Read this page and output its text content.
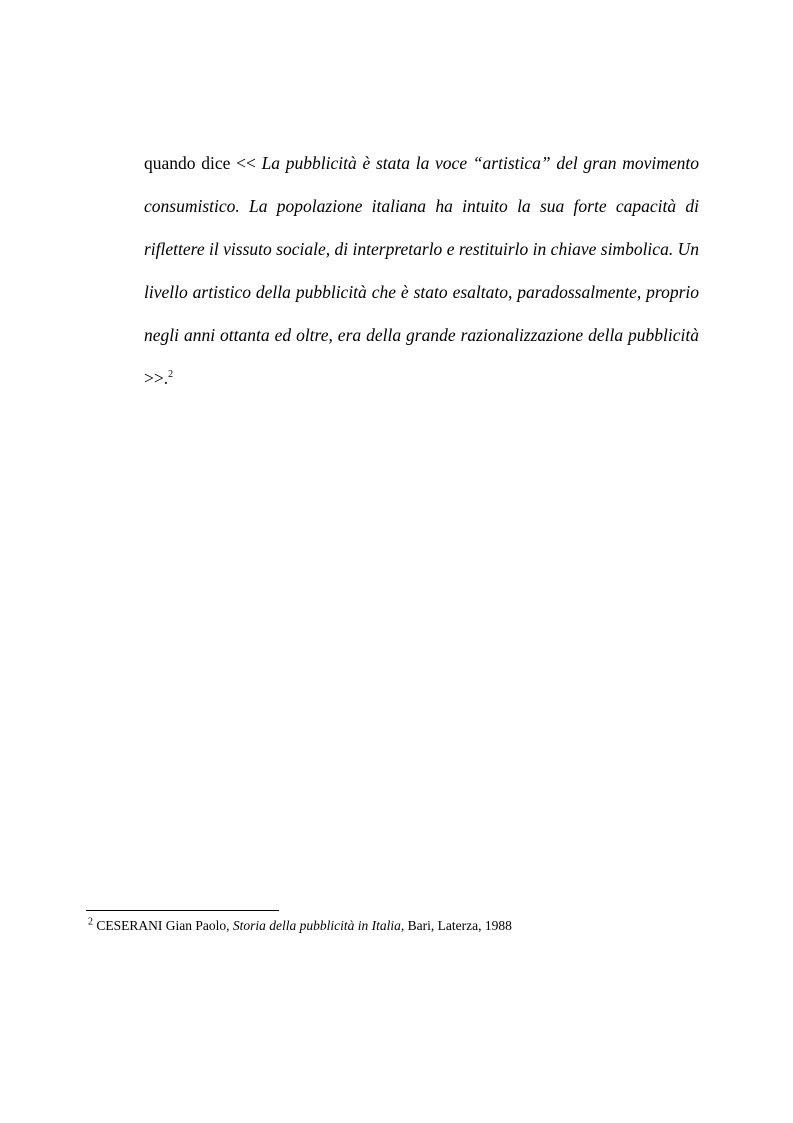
quando dice << La pubblicità è stata la voce “artistica” del gran movimento consumistico. La popolazione italiana ha intuito la sua forte capacità di riflettere il vissuto sociale, di interpretarlo e restituirlo in chiave simbolica. Un livello artistico della pubblicità che è stato esaltato, paradossalmente, proprio negli anni ottanta ed oltre, era della grande razionalizzazione della pubblicità >>.$^2$

$^2$ CESERANI Gian Paolo, Storia della pubblicità in Italia, Bari, Laterza, 1988
